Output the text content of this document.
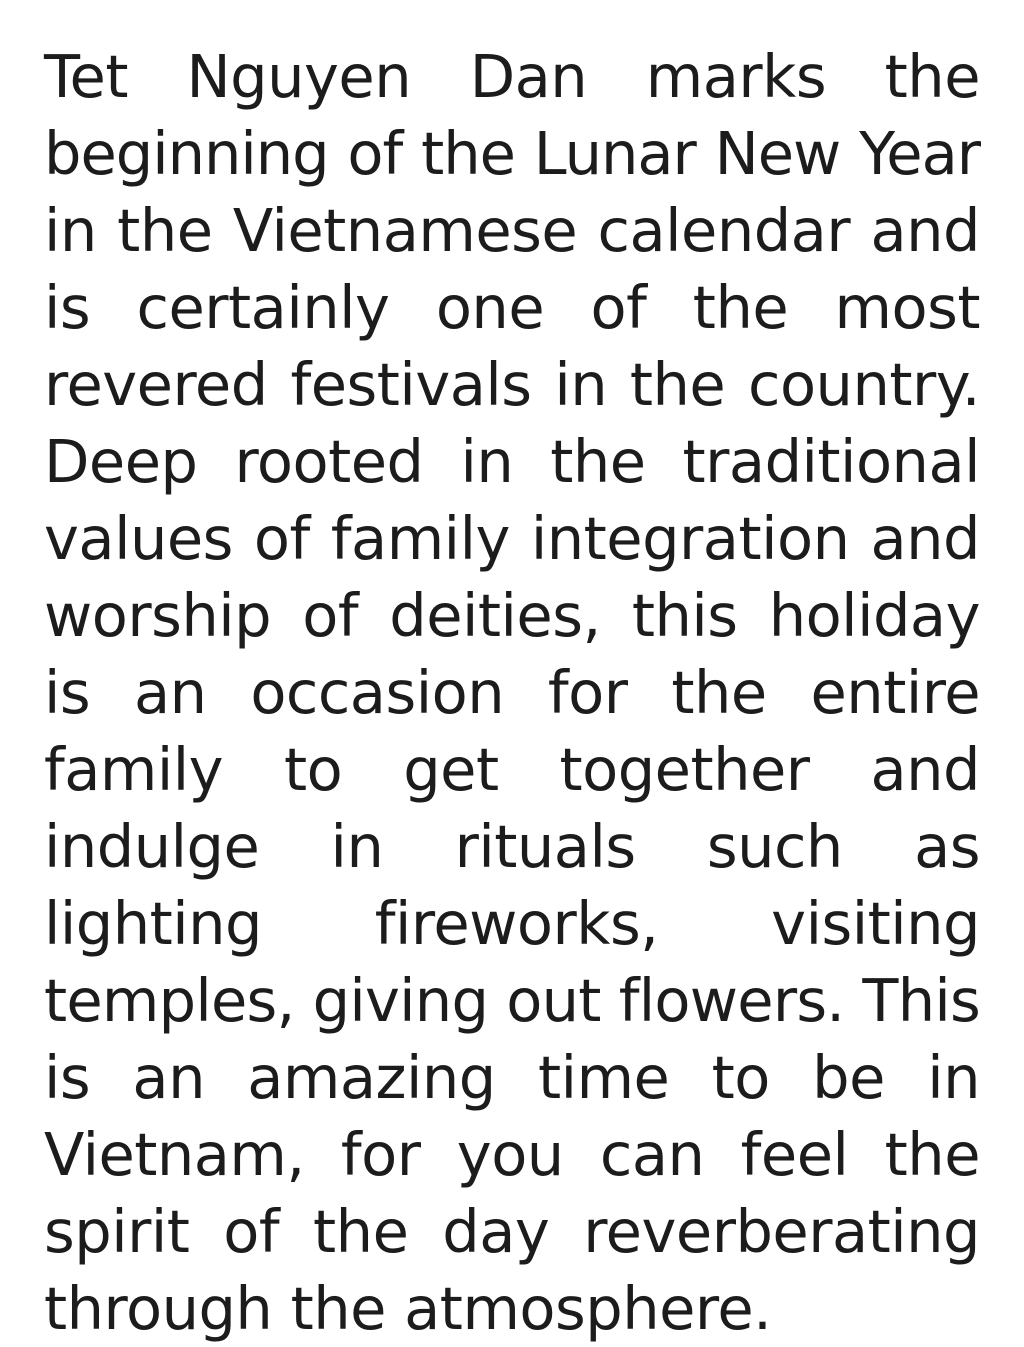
Tet Nguyen Dan marks the
beginning of the Lunar New Year
in the Vietnamese calendar and
is certainly one of the most
revered festivals in the country.
Deep rooted in the traditional
values of family integration and
worship of deities, this holiday
is an occasion for the entire
family to get together and
indulge in rituals such as
lighting fireworks, visiting
temples, giving out flowers. This
is an amazing time to be in
Vietnam, for you can feel the
spirit of the day reverberating
through the atmosphere.
